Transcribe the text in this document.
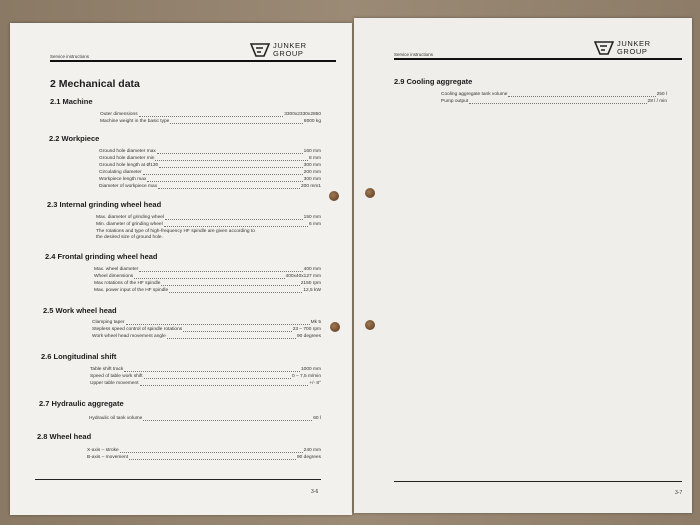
Service instructions
JUNKER
GROUP
2 Mechanical data
2.1 Machine
Outer dimensions	3300x2330x2850
Machine weight in the basic type	8000 kg
2.2 Workpiece
Ground hole diameter max	160 mm
Ground hole diameter min	8 mm
Ground hole length at Ø130	300 mm
Circulating diameter	200 mm
Workpiece length max	300 mm
Diameter of workpiece max	200 mm1
2.3 Internal grinding wheel head
Max. diameter of grinding wheel	150 mm
Min. diameter of grinding wheel	6 mm
The rotations and type of high-frequency HF spindle are given according to
the desired size of ground hole.
2.4 Frontal grinding wheel head
Max. wheel diameter	400 mm
Wheel dimensions	400x40x127 mm
Max rotations of the HF spindle	2150 rpm
Max. power input of the HF spindle	12,5 kW
2.5 Work wheel head
Clamping taper	Mk 5
Stepless speed control of spindle rotations	23 – 700 rpm
Work wheel head movement angle	90 degrees
2.6 Longitudinal shift
Table shift track	1000 mm
Speed of table work shift	0 – 7,5 m/min
Upper table movement	+/- 8°
2.7 Hydraulic aggregate
Hydraulic oil tank volume	60 l
2.8 Wheel head
X-axis – stroke	240 mm
B-axis – movement	90 degrees
3-6
Service instructions
JUNKER
GROUP
2.9 Cooling aggregate
Cooling aggregate tank volume	250 l
Pump output	28 l / min
3-7
